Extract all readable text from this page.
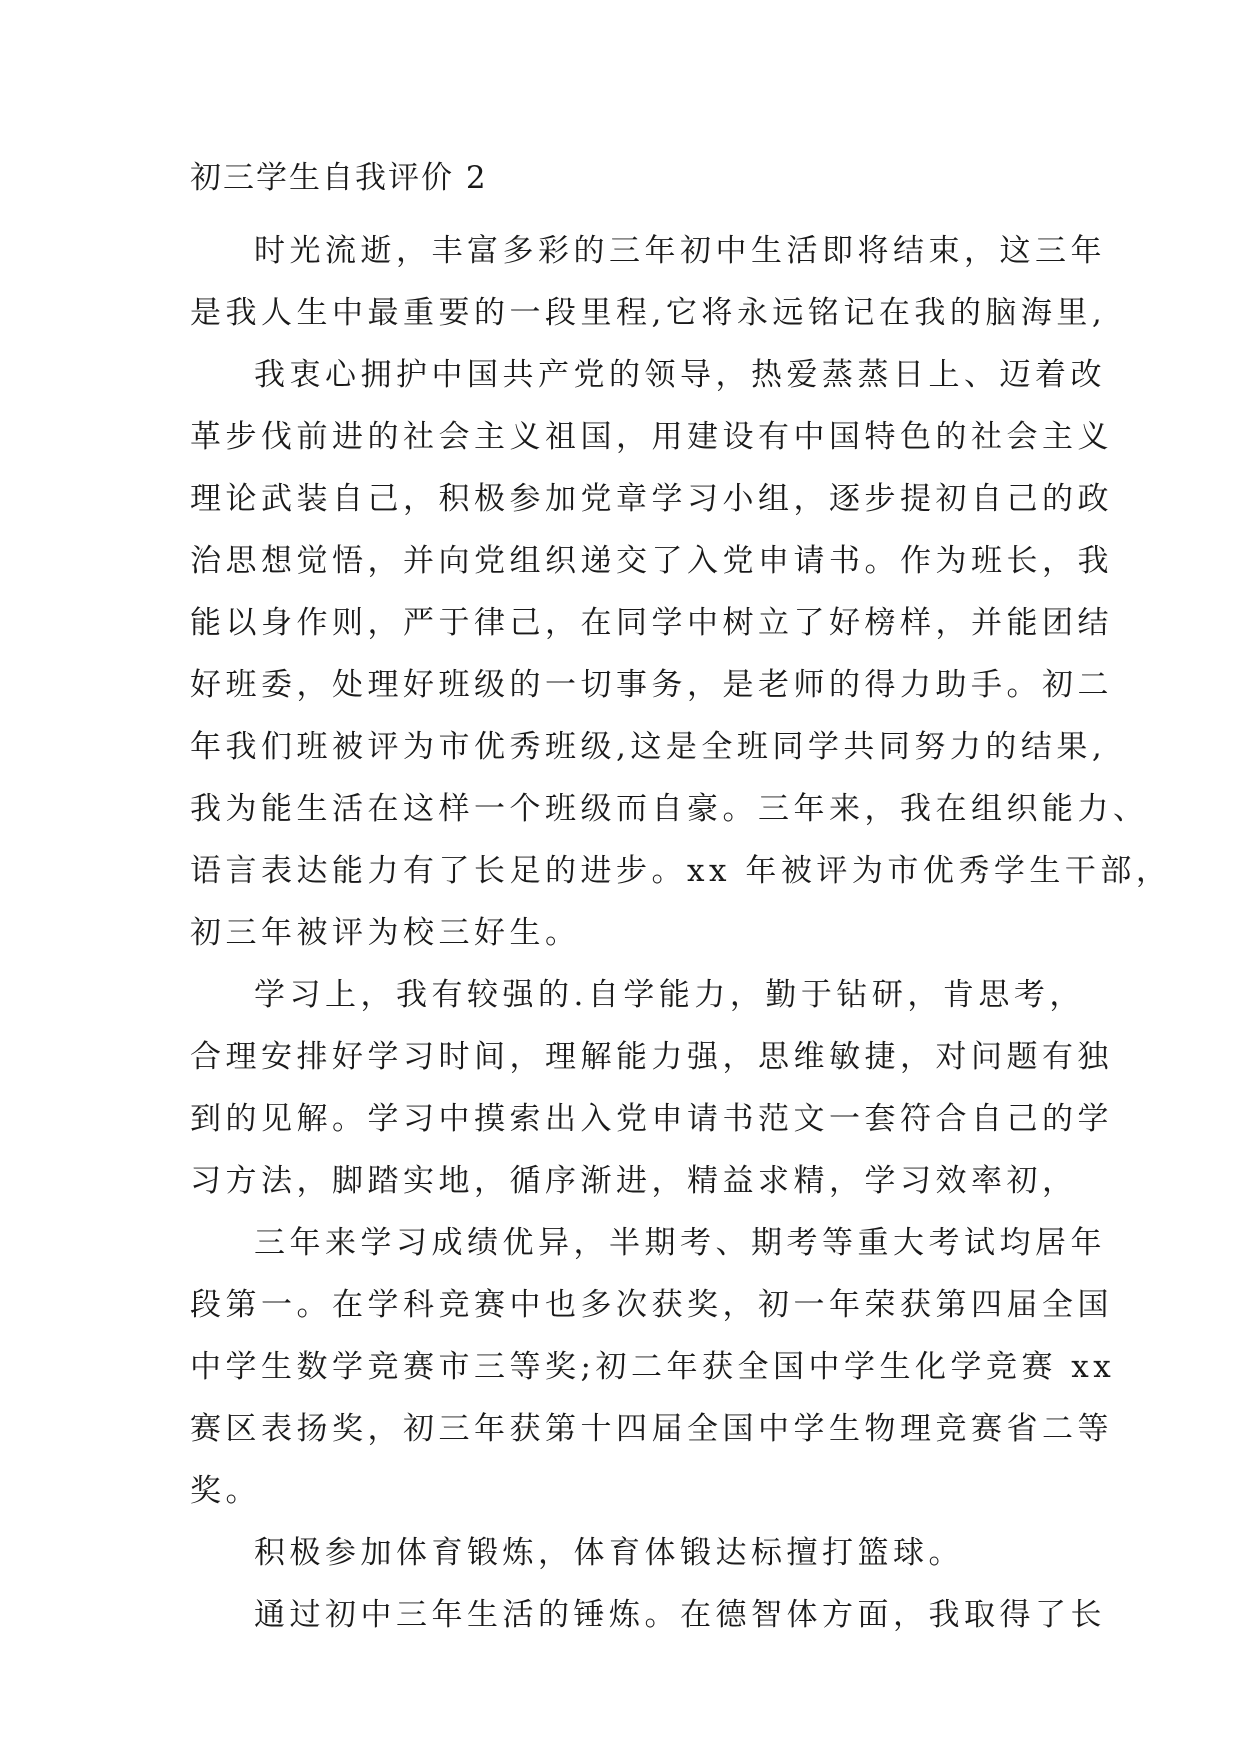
初三学生自我评价 2
时光流逝，丰富多彩的三年初中生活即将结束，这三年
是我人生中最重要的一段里程,它将永远铭记在我的脑海里,
我衷心拥护中国共产党的领导，热爱蒸蒸日上、迈着改
革步伐前进的社会主义祖国，用建设有中国特色的社会主义
理论武装自己，积极参加党章学习小组，逐步提初自己的政
治思想觉悟，并向党组织递交了入党申请书。作为班长，我
能以身作则，严于律己，在同学中树立了好榜样，并能团结
好班委，处理好班级的一切事务，是老师的得力助手。初二
年我们班被评为市优秀班级,这是全班同学共同努力的结果,
我为能生活在这样一个班级而自豪。三年来，我在组织能力、
语言表达能力有了长足的进步。xx 年被评为市优秀学生干部，
初三年被评为校三好生。
学习上，我有较强的.自学能力，勤于钻研，肯思考，
合理安排好学习时间，理解能力强，思维敏捷，对问题有独
到的见解。学习中摸索出入党申请书范文一套符合自己的学
习方法，脚踏实地，循序渐进，精益求精，学习效率初，
三年来学习成绩优异，半期考、期考等重大考试均居年
段第一。在学科竞赛中也多次获奖，初一年荣获第四届全国
中学生数学竞赛市三等奖;初二年获全国中学生化学竞赛 xx
赛区表扬奖，初三年获第十四届全国中学生物理竞赛省二等
奖。
积极参加体育锻炼，体育体锻达标擅打篮球。
通过初中三年生活的锤炼。在德智体方面，我取得了长
